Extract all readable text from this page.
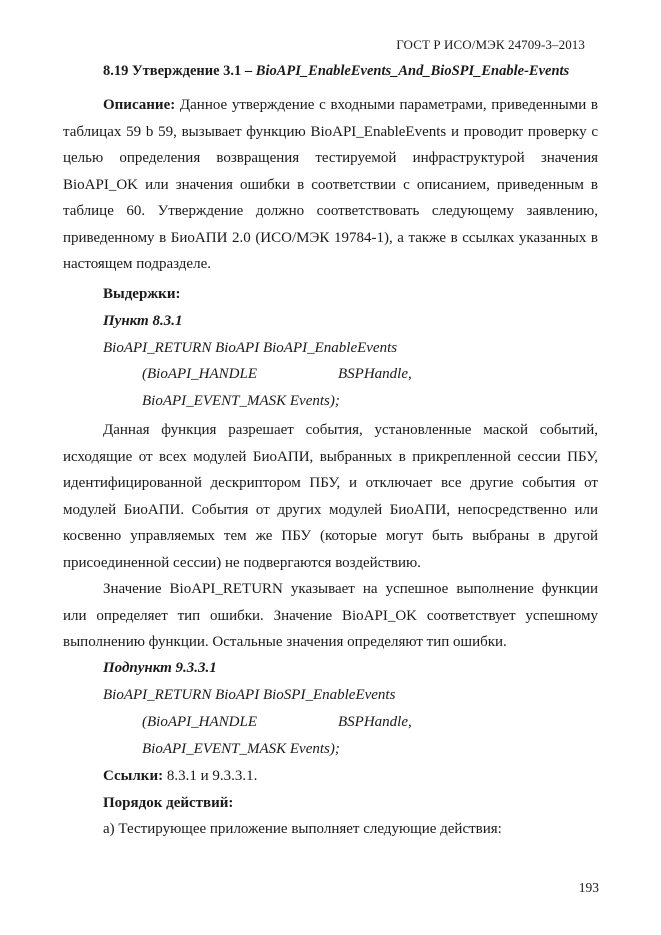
ГОСТ Р ИСО/МЭК 24709-3–2013
8.19 Утверждение 3.1 – BioAPI_EnableEvents_And_BioSPI_Enable-Events
Описание: Данное утверждение с входными параметрами, приведенными в таблицах 59 b 59, вызывает функцию BioAPI_EnableEvents и проводит проверку с целью определения возвращения тестируемой инфраструктурой значения BioAPI_OK или значения ошибки в соответствии с описанием, приведенным в таблице 60. Утверждение должно соответствовать следующему заявлению, приведенному в БиоАПИ 2.0 (ИСО/МЭК 19784-1), а также в ссылках указанных в настоящем подразделе.
Выдержки:
Пункт 8.3.1
BioAPI_RETURN BioAPI BioAPI_EnableEvents
(BioAPI_HANDLE	BSPHandle,
BioAPI_EVENT_MASK Events);
Данная функция разрешает события, установленные маской событий, исходящие от всех модулей БиоАПИ, выбранных в прикрепленной сессии ПБУ, идентифицированной дескриптором ПБУ, и отключает все другие события от модулей БиоАПИ. События от других модулей БиоАПИ, непосредственно или косвенно управляемых тем же ПБУ (которые могут быть выбраны в другой присоединенной сессии) не подвергаются воздействию.
Значение BioAPI_RETURN указывает на успешное выполнение функции или определяет тип ошибки. Значение BioAPI_OK соответствует успешному выполнению функции. Остальные значения определяют тип ошибки.
Подпункт 9.3.3.1
BioAPI_RETURN BioAPI BioSPI_EnableEvents
(BioAPI_HANDLE	BSPHandle,
BioAPI_EVENT_MASK Events);
Ссылки: 8.3.1 и 9.3.3.1.
Порядок действий:
а) Тестирующее приложение выполняет следующие действия:
193
